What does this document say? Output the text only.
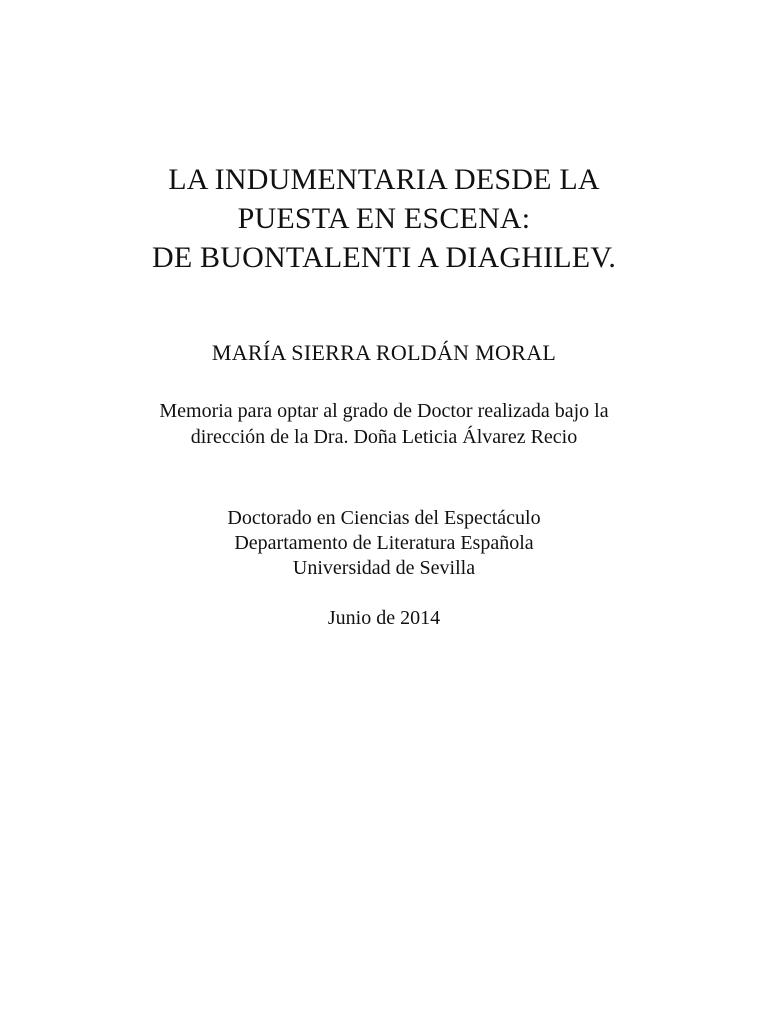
LA INDUMENTARIA DESDE LA
PUESTA EN ESCENA:
DE BUONTALENTI A DIAGHILEV.
MARÍA SIERRA ROLDÁN MORAL
Memoria para optar al grado de Doctor realizada bajo la
dirección de la Dra. Doña Leticia Álvarez Recio
Doctorado en Ciencias del Espectáculo
Departamento de Literatura Española
Universidad de Sevilla
Junio de 2014
